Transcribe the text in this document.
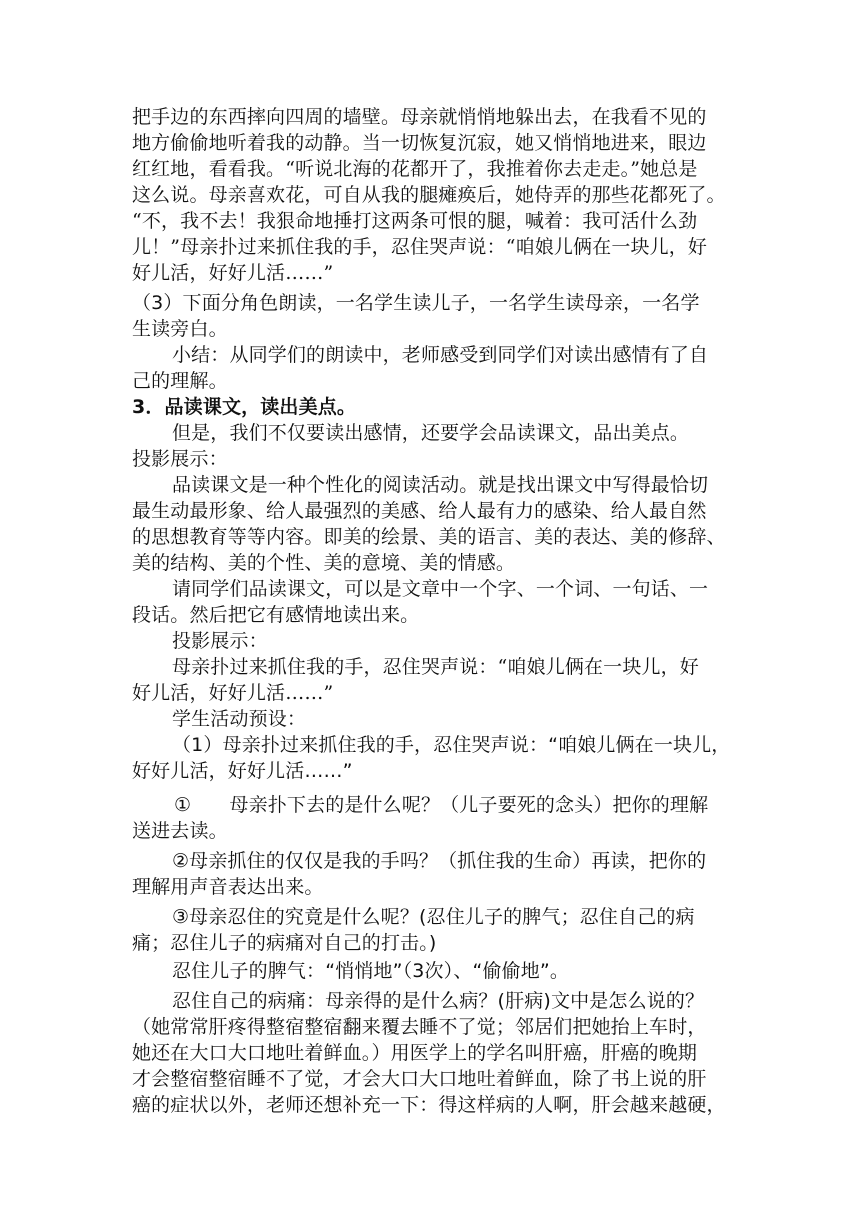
把手边的东西摔向四周的墙壁。母亲就悄悄地躲出去，在我看不见的
地方偷偷地听着我的动静。当一切恢复沉寂，她又悄悄地进来，眼边
红红地，看看我。“听说北海的花都开了，我推着你去走走。”她总是
这么说。母亲喜欢花，可自从我的腿瘫痪后，她侍弄的那些花都死了。
“不，我不去！我狠命地捶打这两条可恨的腿，喊着：我可活什么劲
儿！”母亲扑过来抓住我的手，忍住哭声说：“咱娘儿俩在一块儿，好
好儿活，好好儿活……”
（3）下面分角色朗读，一名学生读儿子，一名学生读母亲，一名学
生读旁白。
小结：从同学们的朗读中，老师感受到同学们对读出感情有了自
己的理解。
3．品读课文，读出美点。
但是，我们不仅要读出感情，还要学会品读课文，品出美点。
投影展示：
品读课文是一种个性化的阅读活动。就是找出课文中写得最恰切
最生动最形象、给人最强烈的美感、给人最有力的感染、给人最自然
的思想教育等等内容。即美的绘景、美的语言、美的表达、美的修辞、
美的结构、美的个性、美的意境、美的情感。
请同学们品读课文，可以是文章中一个字、一个词、一句话、一
段话。然后把它有感情地读出来。
投影展示：
母亲扑过来抓住我的手，忍住哭声说：“咱娘儿俩在一块儿，好
好儿活，好好儿活……”
学生活动预设：
（1）母亲扑过来抓住我的手，忍住哭声说：“咱娘儿俩在一块儿，
好好儿活，好好儿活……”
①　　母亲扑下去的是什么呢？（儿子要死的念头）把你的理解
送进去读。
②母亲抓住的仅仅是我的手吗？（抓住我的生命）再读，把你的
理解用声音表达出来。
③母亲忍住的究竟是什么呢？(忍住儿子的脾气；忍住自己的病
痛；忍住儿子的病痛对自己的打击。)
忍住儿子的脾气：“悄悄地”（3次）、“偷偷地”。
忍住自己的病痛：母亲得的是什么病？(肝病)文中是怎么说的？
（她常常肝疼得整宿整宿翻来覆去睡不了觉；邻居们把她抬上车时，
她还在大口大口地吐着鲜血。）用医学上的学名叫肝癌，肝癌的晚期
才会整宿整宿睡不了觉，才会大口大口地吐着鲜血，除了书上说的肝
癌的症状以外，老师还想补充一下：得这样病的人啊，肝会越来越硬，
